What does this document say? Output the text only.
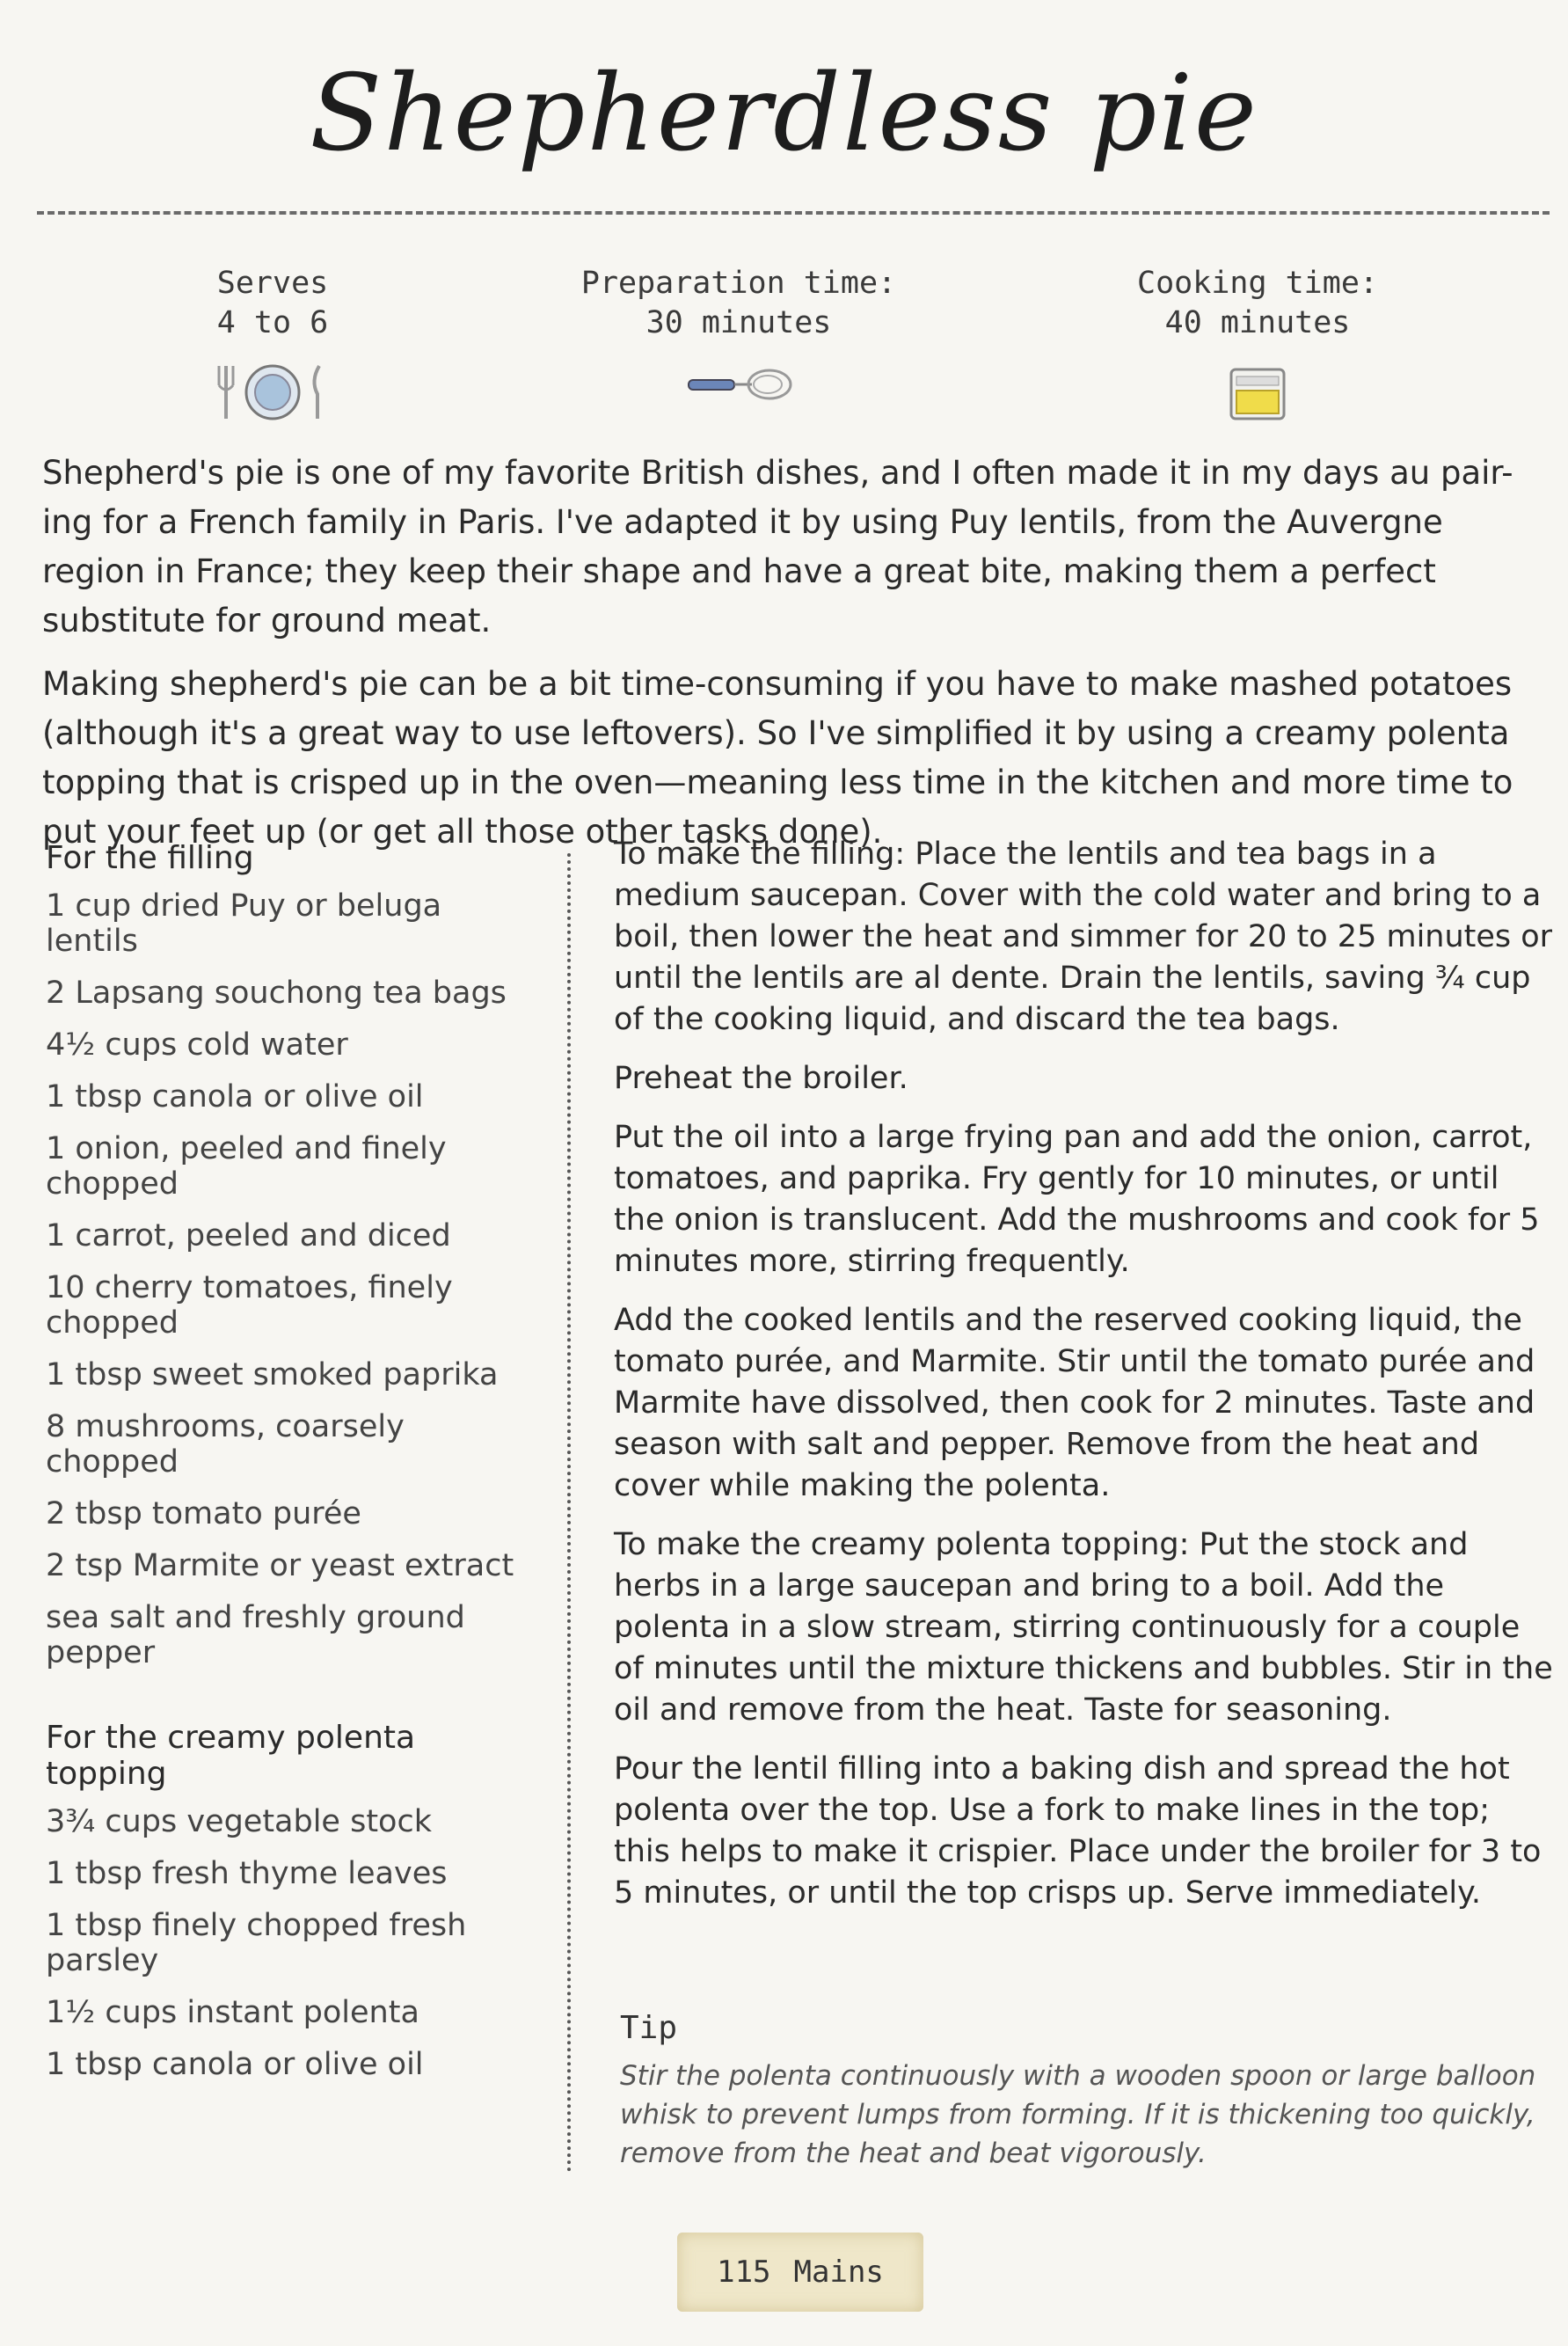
Shepherdless pie
Serves
4 to 6
Preparation time:
30 minutes
Cooking time:
40 minutes

Shepherd's pie is one of my favorite British dishes, and I often made it in my days au pair-ing for a French family in Paris. I've adapted it by using Puy lentils, from the Auvergne region in France; they keep their shape and have a great bite, making them a perfect substitute for ground meat.

Making shepherd's pie can be a bit time-consuming if you have to make mashed potatoes (although it's a great way to use leftovers). So I've simplified it by using a creamy polenta topping that is crisped up in the oven—meaning less time in the kitchen and more time to put your feet up (or get all those other tasks done).

For the filling
1 cup dried Puy or beluga lentils
2 Lapsang souchong tea bags
4½ cups cold water
1 tbsp canola or olive oil
1 onion, peeled and finely chopped
1 carrot, peeled and diced
10 cherry tomatoes, finely chopped
1 tbsp sweet smoked paprika
8 mushrooms, coarsely chopped
2 tbsp tomato purée
2 tsp Marmite or yeast extract
sea salt and freshly ground pepper
For the creamy polenta topping
3¾ cups vegetable stock
1 tbsp fresh thyme leaves
1 tbsp finely chopped fresh parsley
1½ cups instant polenta
1 tbsp canola or olive oil

To make the filling: Place the lentils and tea bags in a medium saucepan. Cover with the cold water and bring to a boil, then lower the heat and simmer for 20 to 25 minutes or until the lentils are al dente. Drain the lentils, saving ¾ cup of the cooking liquid, and discard the tea bags.

Preheat the broiler.

Put the oil into a large frying pan and add the onion, carrot, tomatoes, and paprika. Fry gently for 10 minutes, or until the onion is translucent. Add the mushrooms and cook for 5 minutes more, stirring frequently.

Add the cooked lentils and the reserved cooking liquid, the tomato purée, and Marmite. Stir until the tomato purée and Marmite have dissolved, then cook for 2 minutes. Taste and season with salt and pepper. Remove from the heat and cover while making the polenta.

To make the creamy polenta topping: Put the stock and herbs in a large saucepan and bring to a boil. Add the polenta in a slow stream, stirring continuously for a couple of minutes until the mixture thickens and bubbles. Stir in the oil and remove from the heat. Taste for seasoning.

Pour the lentil filling into a baking dish and spread the hot polenta over the top. Use a fork to make lines in the top; this helps to make it crispier. Place under the broiler for 3 to 5 minutes, or until the top crisps up. Serve immediately.

Tip
Stir the polenta continuously with a wooden spoon or large balloon whisk to prevent lumps from forming. If it is thickening too quickly, remove from the heat and beat vigorously.
115 Mains
